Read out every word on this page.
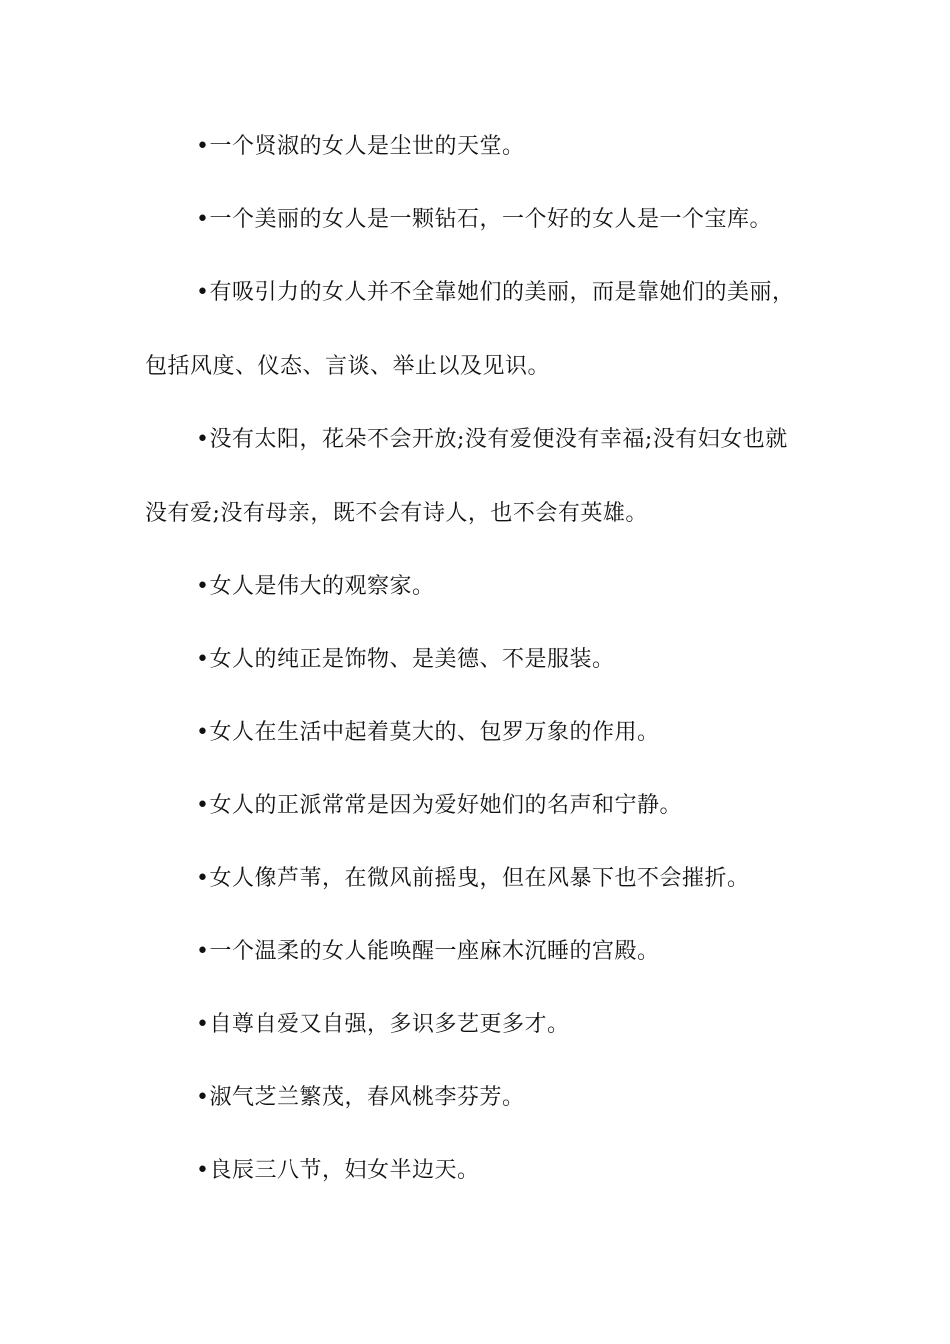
•一个贤淑的女人是尘世的天堂。

•一个美丽的女人是一颗钻石，一个好的女人是一个宝库。

•有吸引力的女人并不全靠她们的美丽，而是靠她们的美丽，包括风度、仪态、言谈、举止以及见识。

•没有太阳，花朵不会开放;没有爱便没有幸福;没有妇女也就没有爱;没有母亲，既不会有诗人，也不会有英雄。

•女人是伟大的观察家。

•女人的纯正是饰物、是美德、不是服装。

•女人在生活中起着莫大的、包罗万象的作用。

•女人的正派常常是因为爱好她们的名声和宁静。

•女人像芦苇，在微风前摇曳，但在风暴下也不会摧折。

•一个温柔的女人能唤醒一座麻木沉睡的宫殿。

•自尊自爱又自强，多识多艺更多才。

•淑气芝兰繁茂，春风桃李芬芳。

•良辰三八节，妇女半边天。
